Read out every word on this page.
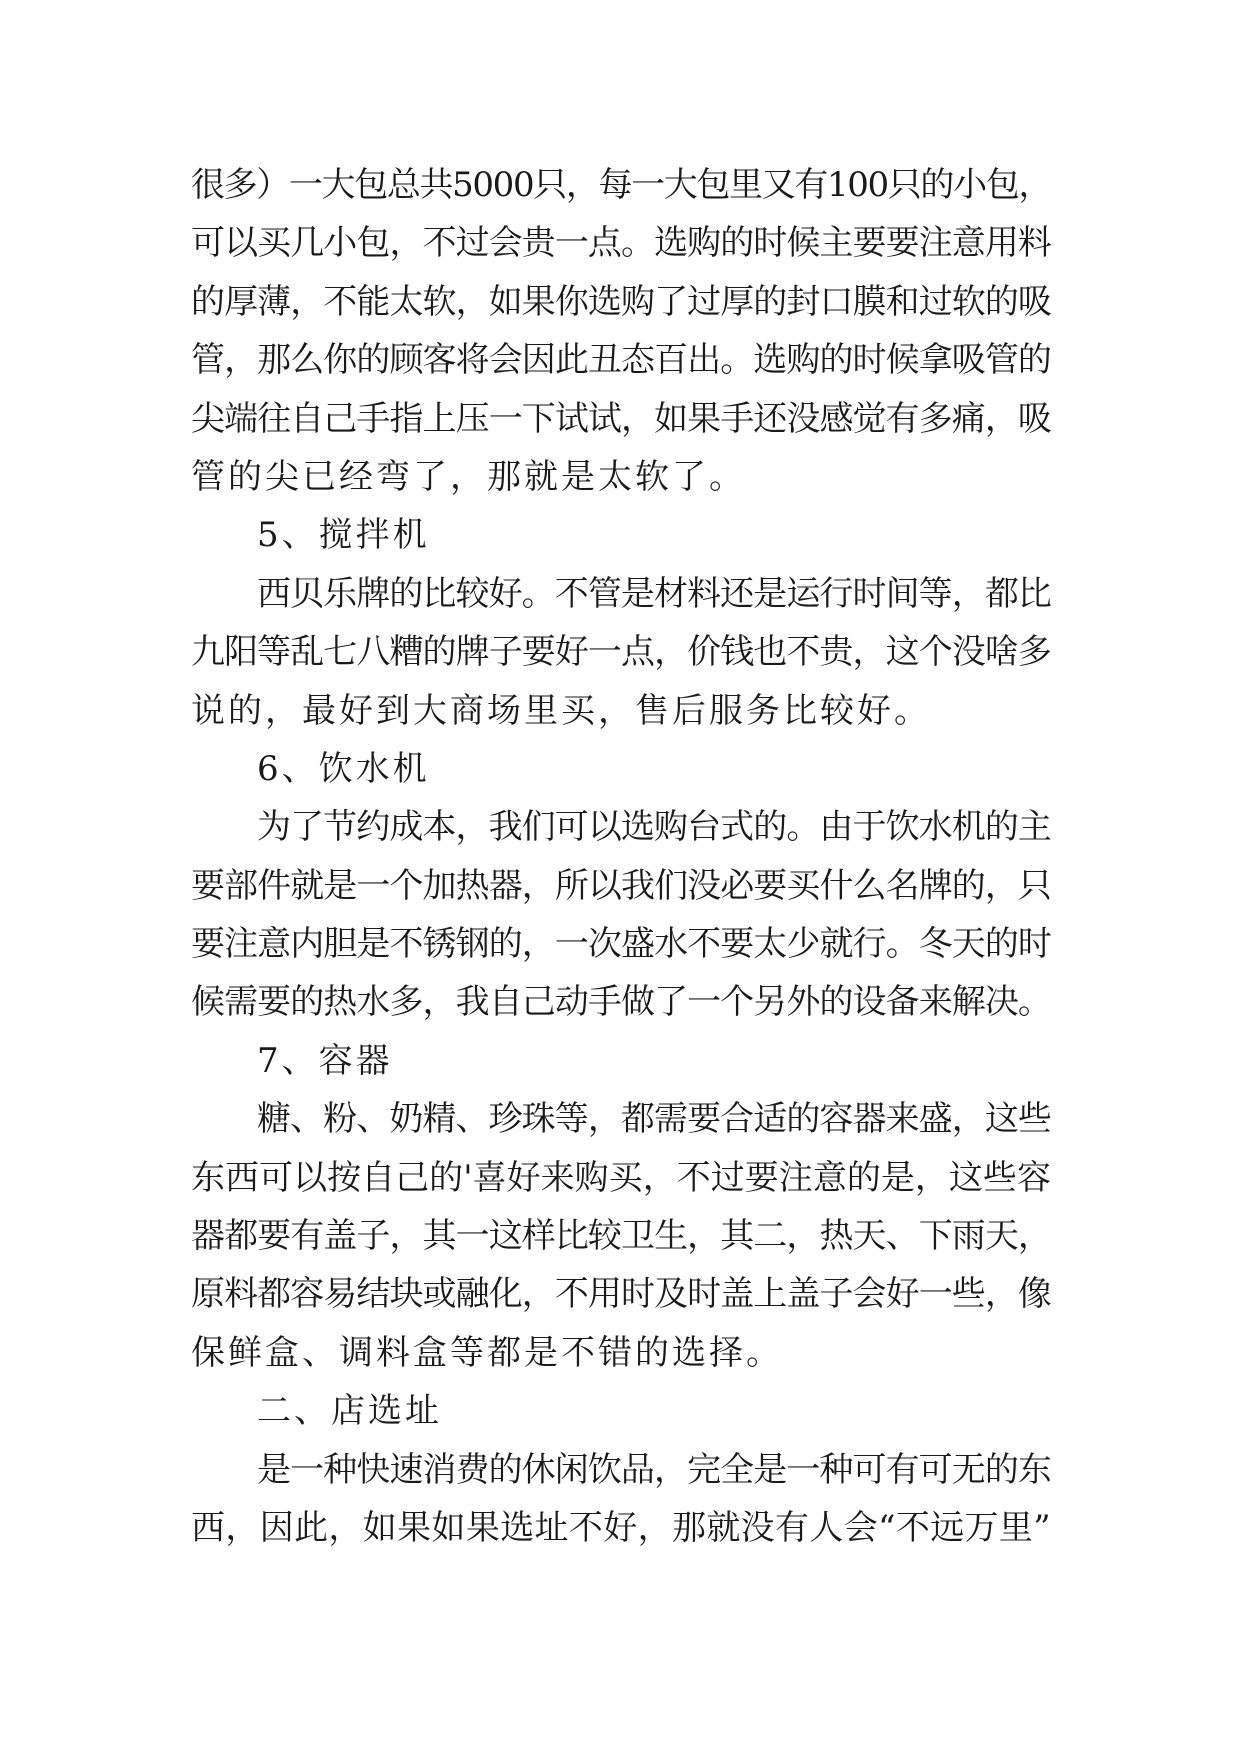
很多）一大包总共5000只，每一大包里又有100只的小包，
可以买几小包，不过会贵一点。选购的时候主要要注意用料
的厚薄，不能太软，如果你选购了过厚的封口膜和过软的吸
管，那么你的顾客将会因此丑态百出。选购的时候拿吸管的
尖端往自己手指上压一下试试，如果手还没感觉有多痛，吸
管的尖已经弯了，那就是太软了。
5、搅拌机
西贝乐牌的比较好。不管是材料还是运行时间等，都比
九阳等乱七八糟的牌子要好一点，价钱也不贵，这个没啥多
说的，最好到大商场里买，售后服务比较好。
6、饮水机
为了节约成本，我们可以选购台式的。由于饮水机的主
要部件就是一个加热器，所以我们没必要买什么名牌的，只
要注意内胆是不锈钢的，一次盛水不要太少就行。冬天的时
候需要的热水多，我自己动手做了一个另外的设备来解决。
7、容器
糖、粉、奶精、珍珠等，都需要合适的容器来盛，这些
东西可以按自己的'喜好来购买，不过要注意的是，这些容
器都要有盖子，其一这样比较卫生，其二，热天、下雨天，
原料都容易结块或融化，不用时及时盖上盖子会好一些，像
保鲜盒、调料盒等都是不错的选择。
二、店选址
是一种快速消费的休闲饮品，完全是一种可有可无的东
西，因此，如果如果选址不好，那就没有人会“不远万里”
